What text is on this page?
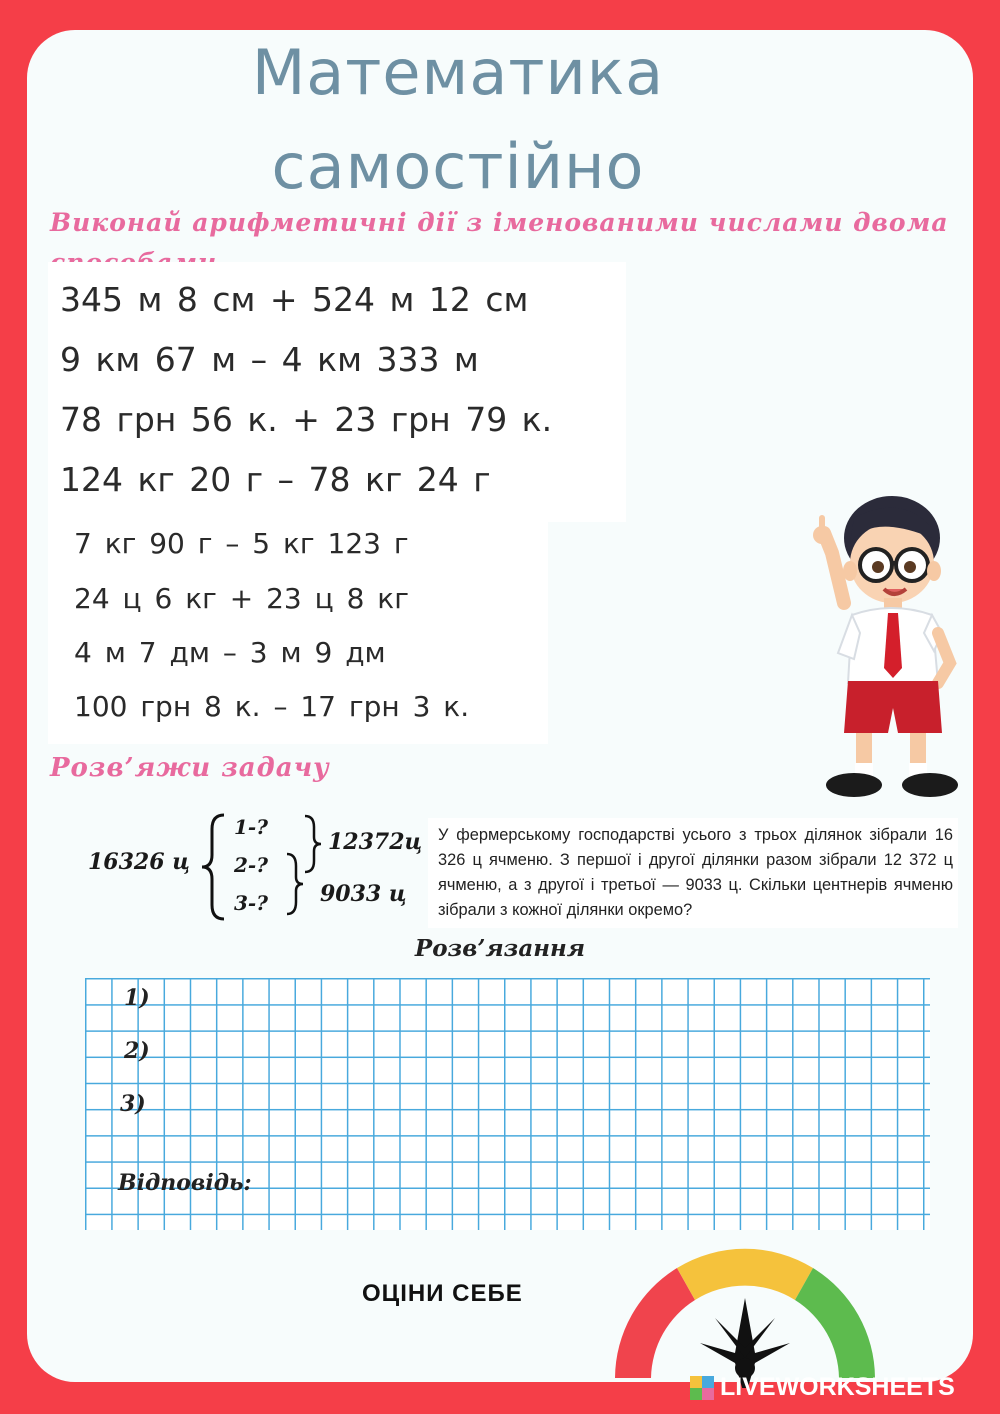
Математика
самостійно
Виконай арифметичні дії з іменованими числами двома
345 м 8 см + 524 м 12 см
9 км 67 м – 4 км 333 м
78 грн 56 к. + 23 грн 79 к.
124 кг 20 г – 78 кг 24 г
7 кг 90 г – 5 кг 123 г
24 ц 6 кг + 23 ц 8 кг
4 м 7 дм – 3 м 9 дм
100 грн 8 к. – 17 грн 3 к.
Розв’яжи задачу
16326 ц
1-?
2-?
3-?
12372ц
9033 ц
У фермерському господарстві усього з трьох ділянок зібрали 16 326 ц ячменю. З першої і другої ділянки разом зібрали 12 372 ц ячменю, а з другої і третьої — 9033 ц. Скільки центнерів ячменю зібрали з кожної ділянки окремо?
Розв’язання
1)
2)
3)
Відповідь:
ОЦІНИ СЕБЕ
LIVEWORKSHEETS
